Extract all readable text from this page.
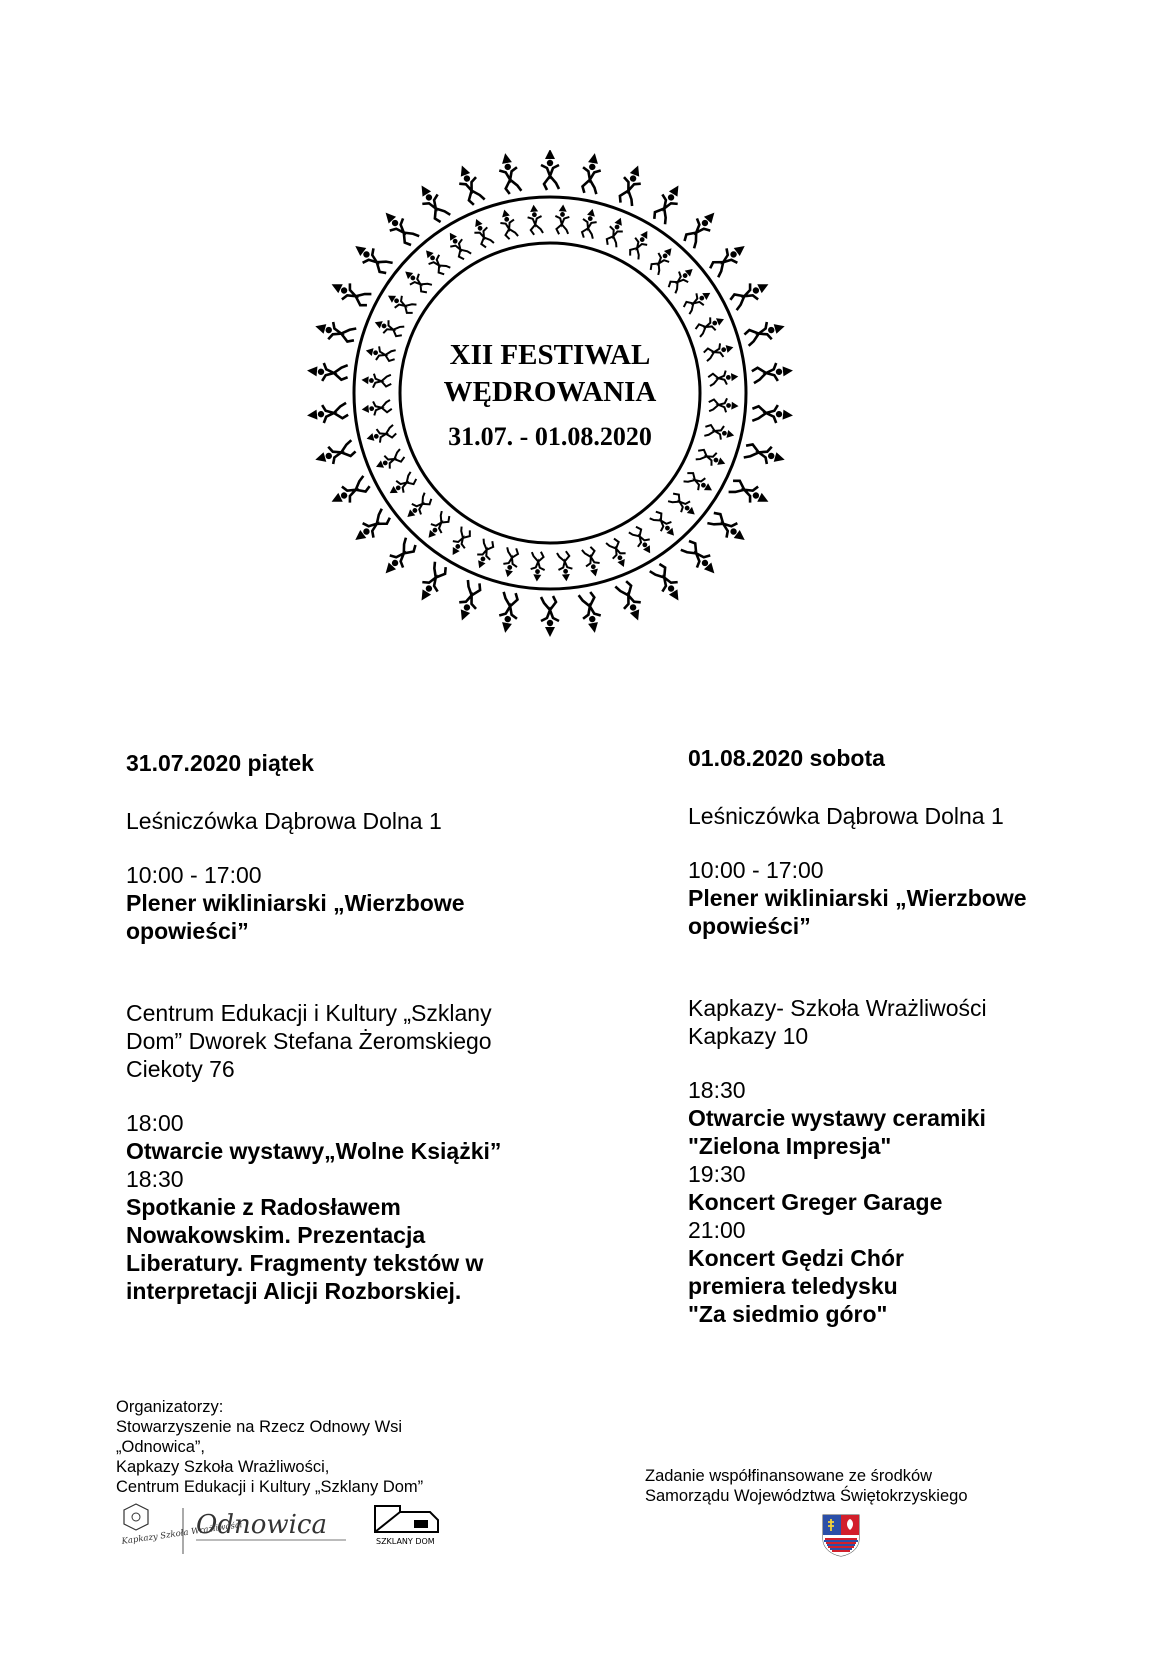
XII FESTIWAL
WĘDROWANIA
31.07. - 01.08.2020

31.07.2020 piątek

Leśniczówka Dąbrowa Dolna 1

10:00 - 17:00

Plener wikliniarski „Wierzbowe opowieści”

Centrum Edukacji i Kultury „Szklany Dom” Dworek Stefana Żeromskiego Ciekoty 76

18:00

Otwarcie wystawy„Wolne Książki”

18:30

Spotkanie z Radosławem Nowakowskim. Prezentacja Liberatury. Fragmenty tekstów w interpretacji Alicji Rozborskiej.

01.08.2020 sobota

Leśniczówka Dąbrowa Dolna 1

10:00 - 17:00

Plener wikliniarski „Wierzbowe opowieści”

Kapkazy- Szkoła Wrażliwości Kapkazy 10

18:30

Otwarcie wystawy ceramiki "Zielona Impresja"

19:30

Koncert Greger Garage

21:00

Koncert Gędzi Chór premiera teledysku "Za siedmio góro"

Organizatorzy:
Stowarzyszenie na Rzecz Odnowy Wsi
„Odnowica”,
Kapkazy Szkoła Wrażliwości,
Centrum Edukacji i Kultury „Szklany Dom”
Kapkazy Szkoła Wrażliwości
Odnowica
SZKLANY DOM
Zadanie współfinansowane ze środków
Samorządu Województwa Świętokrzyskiego
